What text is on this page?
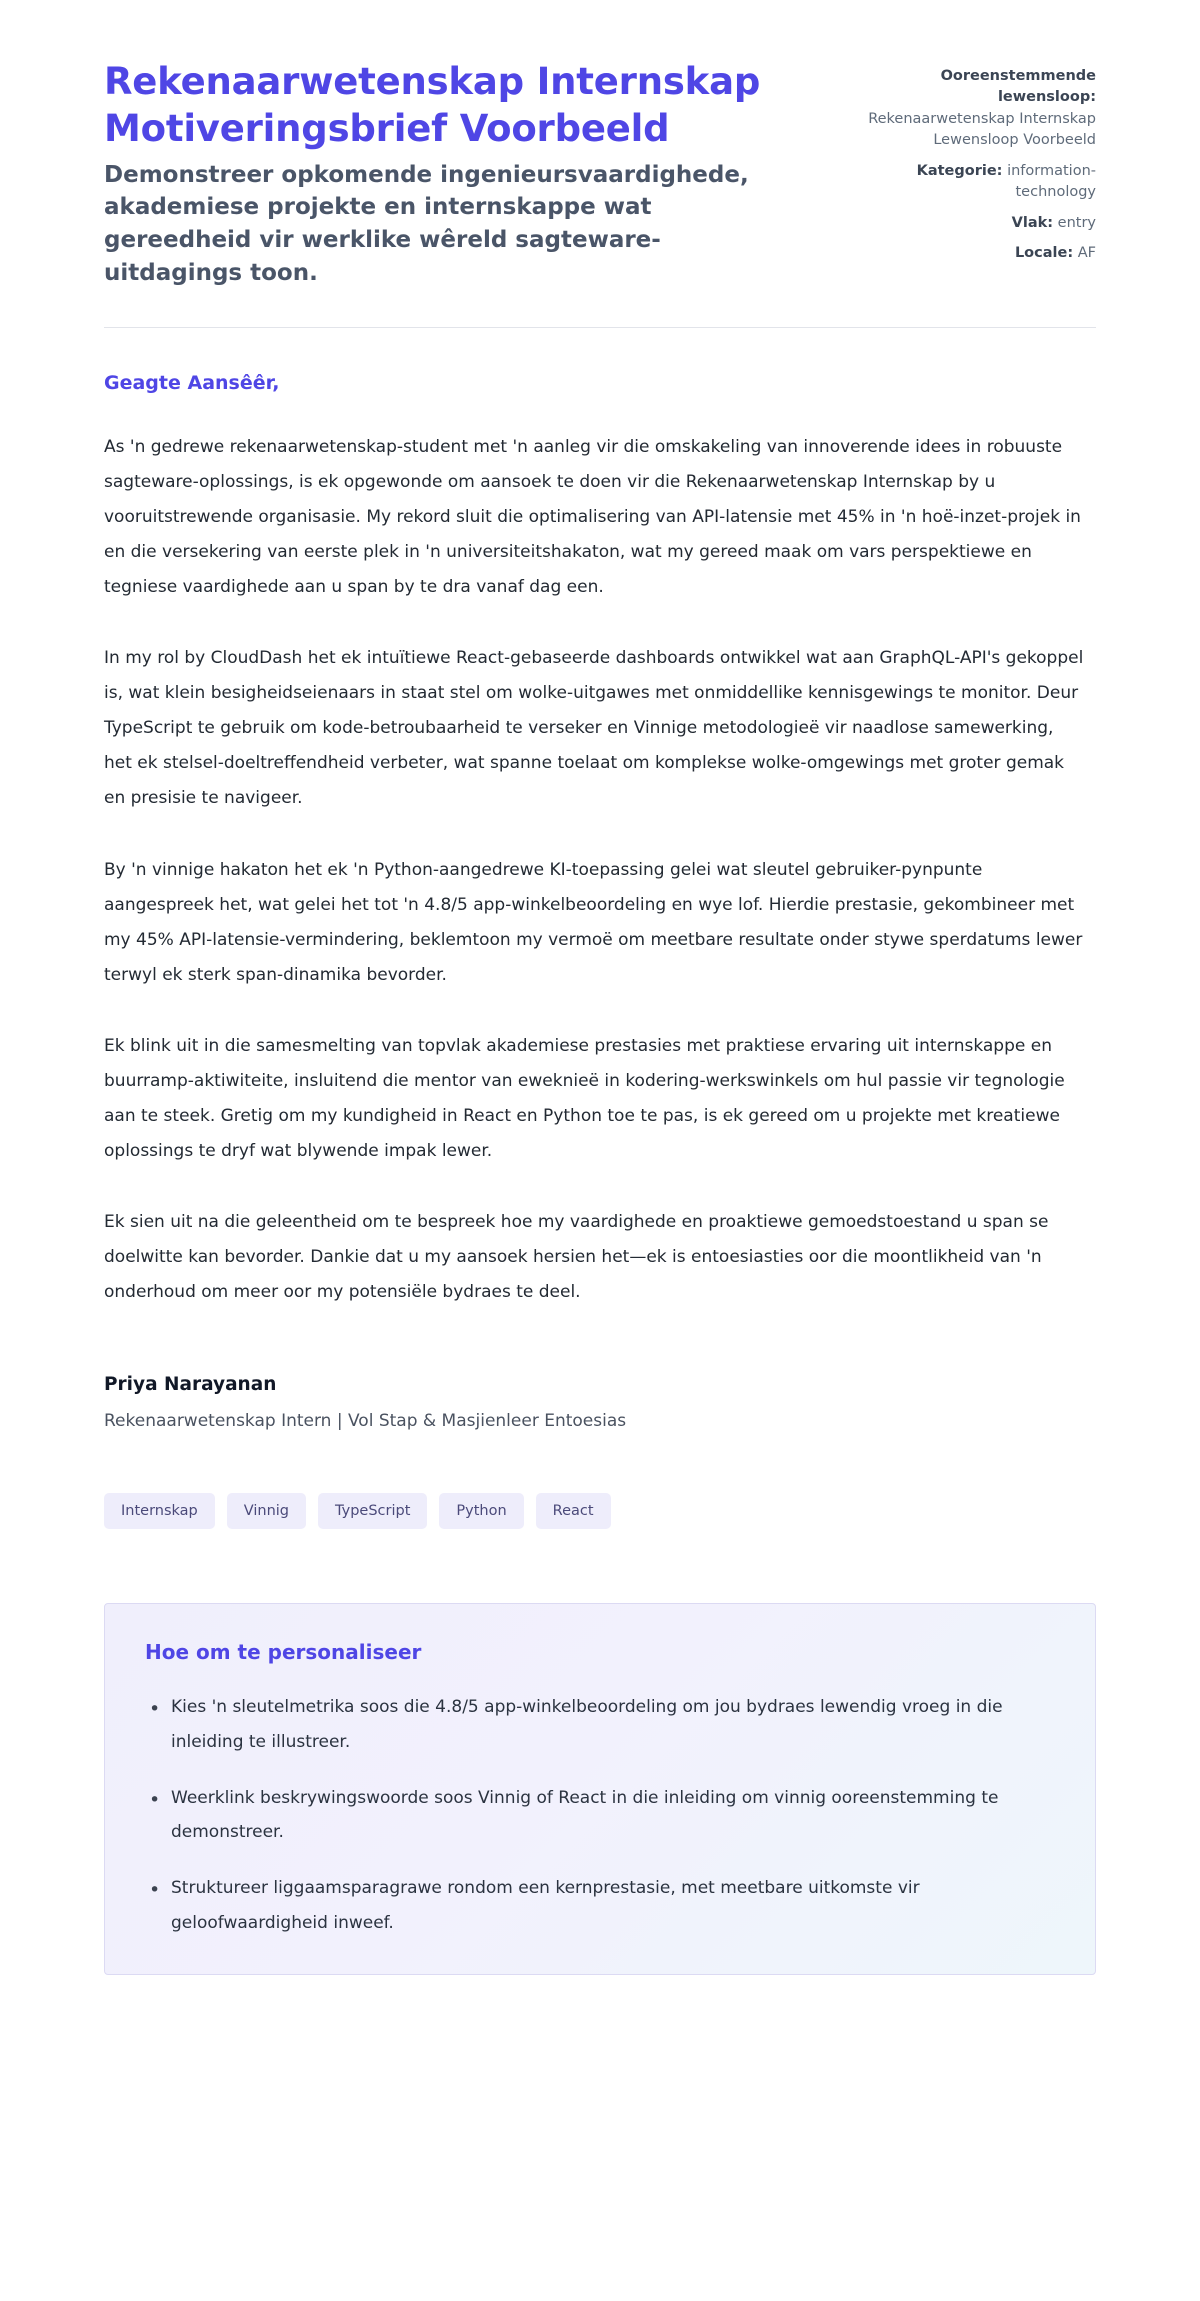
Rekenaarwetenskap Internskap Motiveringsbrief Voorbeeld

Demonstreer opkomende ingenieursvaardighede, akademiese projekte en internskappe wat gereedheid vir werklike wêreld sagteware-uitdagings toon.

Ooreenstemmende lewensloop: Rekenaarwetenskap Internskap Lewensloop Voorbeeld
Kategorie: information-technology
Vlak: entry
Locale: AF

Geagte Aansêêr,

As 'n gedrewe rekenaarwetenskap-student met 'n aanleg vir die omskakeling van innoverende idees in robuuste sagteware-oplossings, is ek opgewonde om aansoek te doen vir die Rekenaarwetenskap Internskap by u vooruitstrewende organisasie. My rekord sluit die optimalisering van API-latensie met 45% in 'n hoë-inzet-projek in en die versekering van eerste plek in 'n universiteitshakaton, wat my gereed maak om vars perspektiewe en tegniese vaardighede aan u span by te dra vanaf dag een.

In my rol by CloudDash het ek intuïtiewe React-gebaseerde dashboards ontwikkel wat aan GraphQL-API's gekoppel is, wat klein besigheidseienaars in staat stel om wolke-uitgawes met onmiddellike kennisgewings te monitor. Deur TypeScript te gebruik om kode-betroubaarheid te verseker en Vinnige metodologieë vir naadlose samewerking, het ek stelsel-doeltreffendheid verbeter, wat spanne toelaat om komplekse wolke-omgewings met groter gemak en presisie te navigeer.

By 'n vinnige hakaton het ek 'n Python-aangedrewe KI-toepassing gelei wat sleutel gebruiker-pynpunte aangespreek het, wat gelei het tot 'n 4.8/5 app-winkelbeoordeling en wye lof. Hierdie prestasie, gekombineer met my 45% API-latensie-vermindering, beklemtoon my vermoë om meetbare resultate onder stywe sperdatums lewer terwyl ek sterk span-dinamika bevorder.

Ek blink uit in die samesmelting van topvlak akademiese prestasies met praktiese ervaring uit internskappe en buurramp-aktiwiteite, insluitend die mentor van eweknieë in kodering-werkswinkels om hul passie vir tegnologie aan te steek. Gretig om my kundigheid in React en Python toe te pas, is ek gereed om u projekte met kreatiewe oplossings te dryf wat blywende impak lewer.

Ek sien uit na die geleentheid om te bespreek hoe my vaardighede en proaktiewe gemoedstoestand u span se doelwitte kan bevorder. Dankie dat u my aansoek hersien het—ek is entoesiasties oor die moontlikheid van 'n onderhoud om meer oor my potensiële bydraes te deel.

Priya Narayanan

Rekenaarwetenskap Intern | Vol Stap & Masjienleer Entoesias

Internskap	Vinnig	TypeScript	Python	React
Hoe om te personaliseer
• Kies 'n sleutelmetrika soos die 4.8/5 app-winkelbeoordeling om jou bydraes lewendig vroeg in die inleiding te illustreer.
• Weerklink beskrywingswoorde soos Vinnig of React in die inleiding om vinnig ooreenstemming te demonstreer.
• Struktureer liggaamsparagrawe rondom een kernprestasie, met meetbare uitkomste vir geloofwaardigheid inweef.
